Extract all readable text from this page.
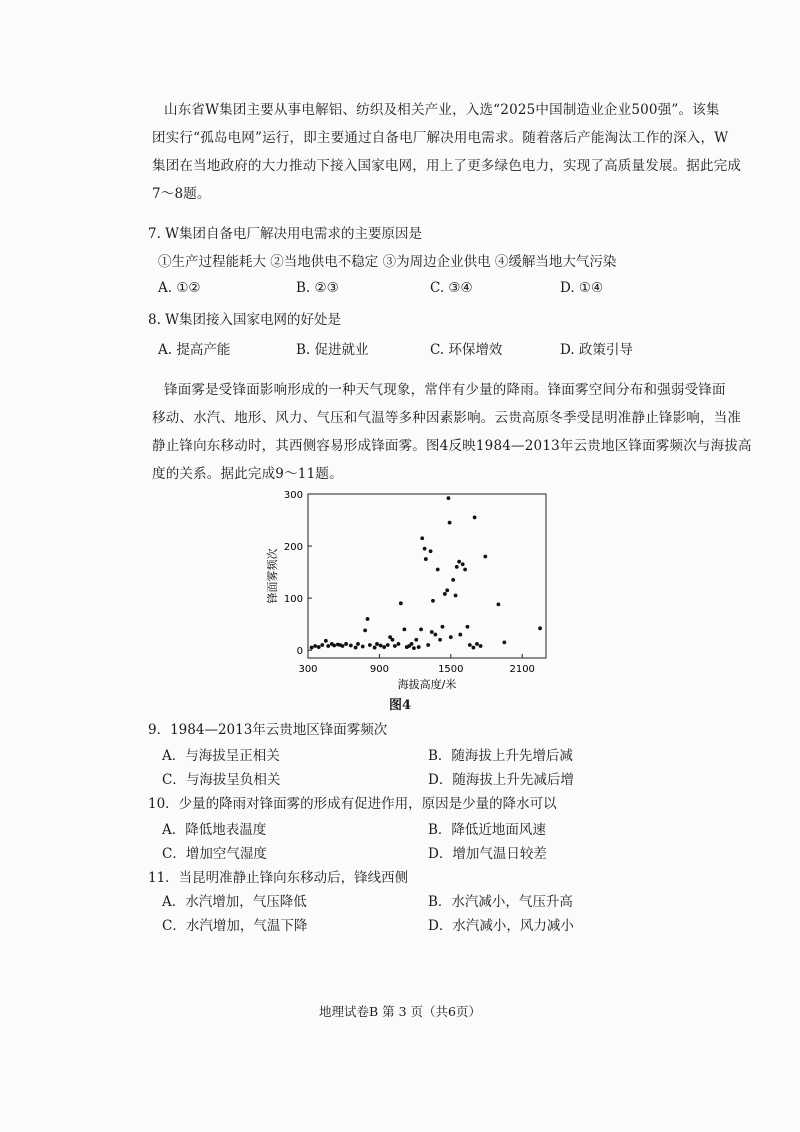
山东省W集团主要从事电解铝、纺织及相关产业，入选“2025中国制造业企业500强”。该集
团实行“孤岛电网”运行，即主要通过自备电厂解决用电需求。随着落后产能淘汰工作的深入，W
集团在当地政府的大力推动下接入国家电网，用上了更多绿色电力，实现了高质量发展。据此完成
7～8题。
7. W集团自备电厂解决用电需求的主要原因是
①生产过程能耗大 ②当地供电不稳定 ③为周边企业供电 ④缓解当地大气污染
A. ①②	B. ②③	C. ③④	D. ①④
8. W集团接入国家电网的好处是
A. 提高产能	B. 促进就业	C. 环保增效	D. 政策引导
锋面雾是受锋面影响形成的一种天气现象，常伴有少量的降雨。锋面雾空间分布和强弱受锋面
移动、水汽、地形、风力、气压和气温等多种因素影响。云贵高原冬季受昆明准静止锋影响，当准
静止锋向东移动时，其西侧容易形成锋面雾。图4反映1984—2013年云贵地区锋面雾频次与海拔高
度的关系。据此完成9～11题。
0
100
200
300
300	900	1500	2100
锋面雾频次
海拔高度/米
图4
9．1984—2013年云贵地区锋面雾频次
A．与海拔呈正相关	B．随海拔上升先增后减
C．与海拔呈负相关	D．随海拔上升先减后增
10．少量的降雨对锋面雾的形成有促进作用，原因是少量的降水可以
A．降低地表温度	B．降低近地面风速
C．增加空气湿度	D．增加气温日较差
11．当昆明准静止锋向东移动后，锋线西侧
A．水汽增加，气压降低	B．水汽减小，气压升高
C．水汽增加，气温下降	D．水汽减小，风力减小
地理试卷B 第 3 页（共6页）
